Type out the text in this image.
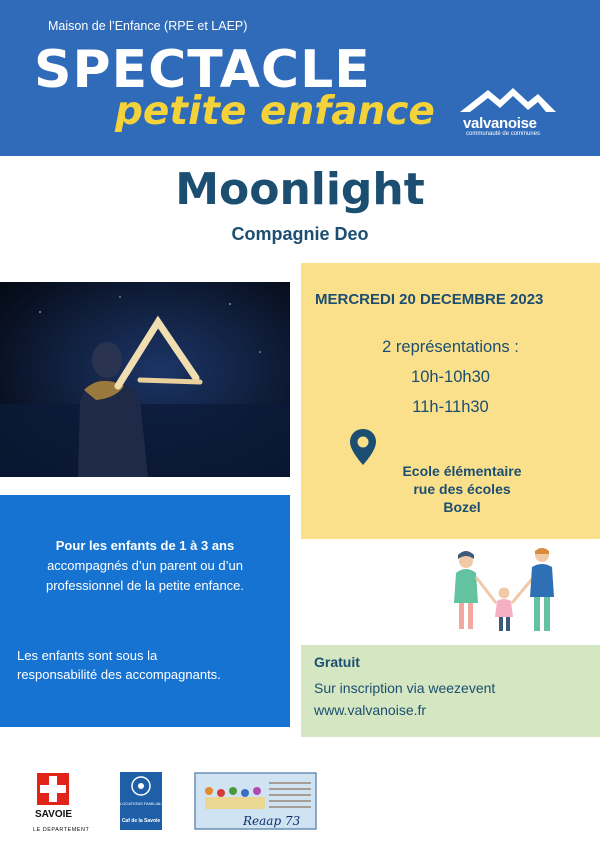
Maison de l’Enfance (RPE et LAEP)
SPECTACLE
petite enfance valvanoise
communauté de communes
Moonlight
Compagnie Deo
MERCREDI 20 DECEMBRE 2023
2 représentations :
10h-10h30
11h-11h30
Ecole élémentaire
rue des écoles
Bozel
Pour les enfants de 1 à 3 ans
accompagnés d’un parent ou d’un
professionnel de la petite enfance.
Les enfants sont sous la
responsabilité des accompagnants.
Gratuit
Sur inscription via weezevent
www.valvanoise.fr
SAVOIE
LE DÉPARTEMENT
ALLOCATIONS FAMILIALES
Caf de la Savoie	Reaap 73
